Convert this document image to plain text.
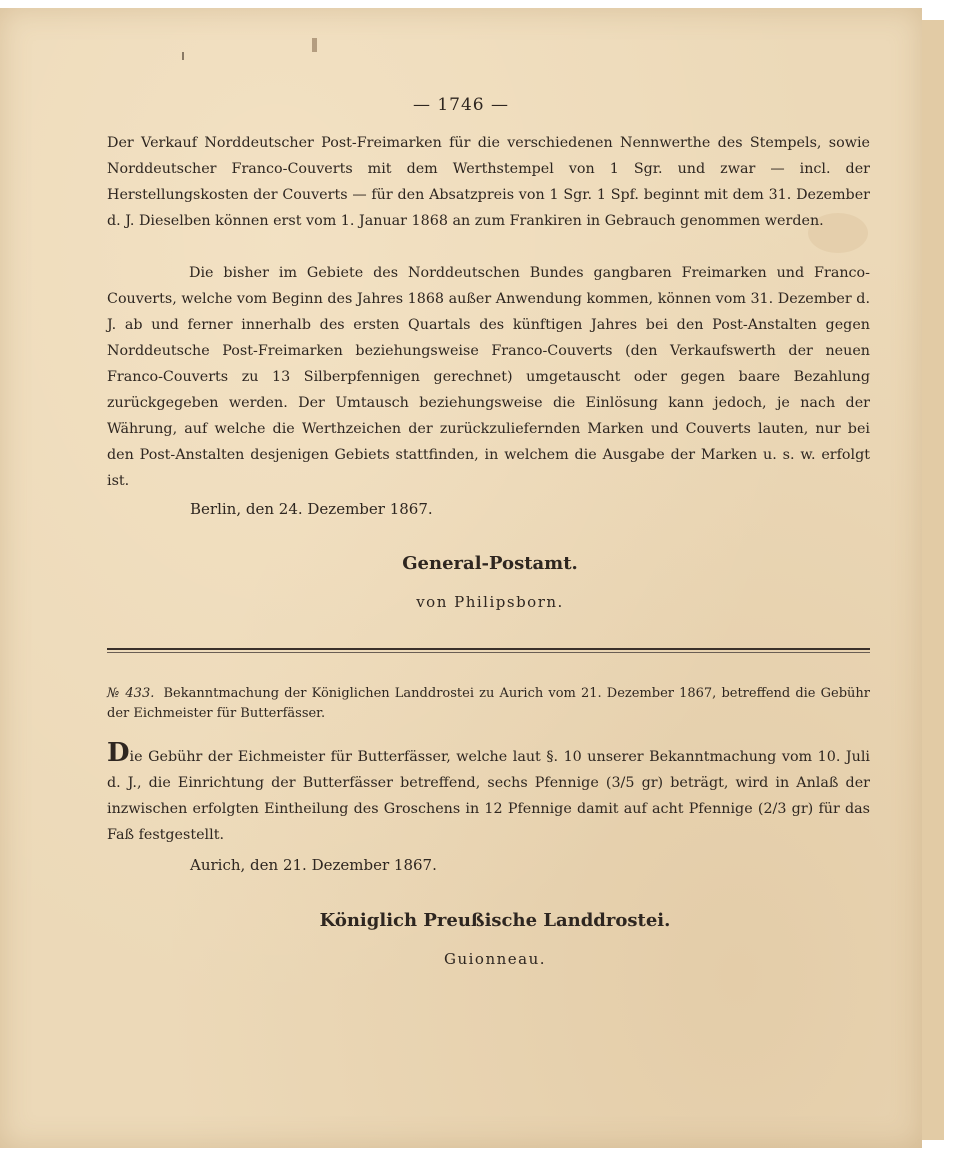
— 1746 —
Der Verkauf Norddeutscher Post-Freimarken für die verschiedenen Nennwerthe des Stempels, sowie Norddeutscher Franco-Couverts mit dem Werthstempel von 1 Sgr. und zwar — incl. der Herstellungskosten der Couverts — für den Absatzpreis von 1 Sgr. 1 Spf. beginnt mit dem 31. Dezember d. J. Dieselben können erst vom 1. Januar 1868 an zum Frankiren in Gebrauch genommen werden.
Die bisher im Gebiete des Norddeutschen Bundes gangbaren Freimarken und Franco-Couverts, welche vom Beginn des Jahres 1868 außer Anwendung kommen, können vom 31. Dezember d. J. ab und ferner innerhalb des ersten Quartals des künftigen Jahres bei den Post-Anstalten gegen Norddeutsche Post-Freimarken beziehungsweise Franco-Couverts (den Verkaufswerth der neuen Franco-Couverts zu 13 Silberpfennigen gerechnet) umgetauscht oder gegen baare Bezahlung zurückgegeben werden. Der Umtausch beziehungsweise die Einlösung kann jedoch, je nach der Währung, auf welche die Werthzeichen der zurückzuliefernden Marken und Couverts lauten, nur bei den Post-Anstalten desjenigen Gebiets stattfinden, in welchem die Ausgabe der Marken u. s. w. erfolgt ist.
Berlin, den 24. Dezember 1867.
General-Postamt.
von Philipsborn.
№ 433. Bekanntmachung der Königlichen Landdrostei zu Aurich vom 21. Dezember 1867, betreffend die Gebühr der Eichmeister für Butterfässer.
Die Gebühr der Eichmeister für Butterfässer, welche laut §. 10 unserer Bekanntmachung vom 10. Juli d. J., die Einrichtung der Butterfässer betreffend, sechs Pfennige (3/5 gr) beträgt, wird in Anlaß der inzwischen erfolgten Eintheilung des Groschens in 12 Pfennige damit auf acht Pfennige (2/3 gr) für das Faß festgestellt.
Aurich, den 21. Dezember 1867.
Königlich Preußische Landdrostei.
Guionneau.
